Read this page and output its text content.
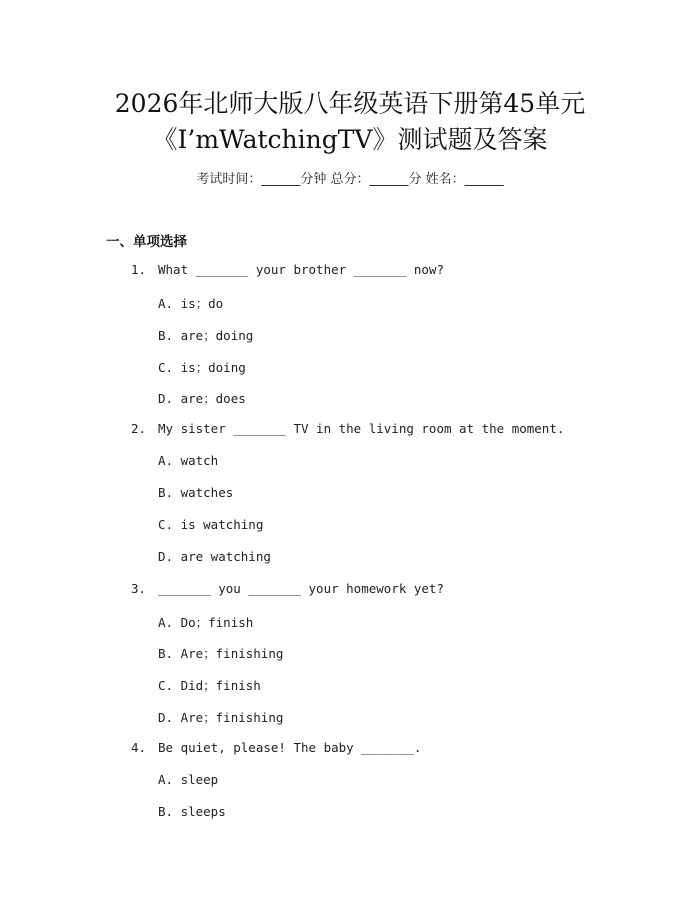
2026年北师大版八年级英语下册第45单元
《I’mWatchingTV》测试题及答案
考试时间：______分钟 总分：______分 姓名：______
一、单项选择
1. What _______ your brother _______ now?
A. is；do
B. are；doing
C. is；doing
D. are；does
2. My sister _______ TV in the living room at the moment.
A. watch
B. watches
C. is watching
D. are watching
3. _______ you _______ your homework yet?
A. Do；finish
B. Are；finishing
C. Did；finish
D. Are；finishing
4. Be quiet, please! The baby _______.
A. sleep
B. sleeps
